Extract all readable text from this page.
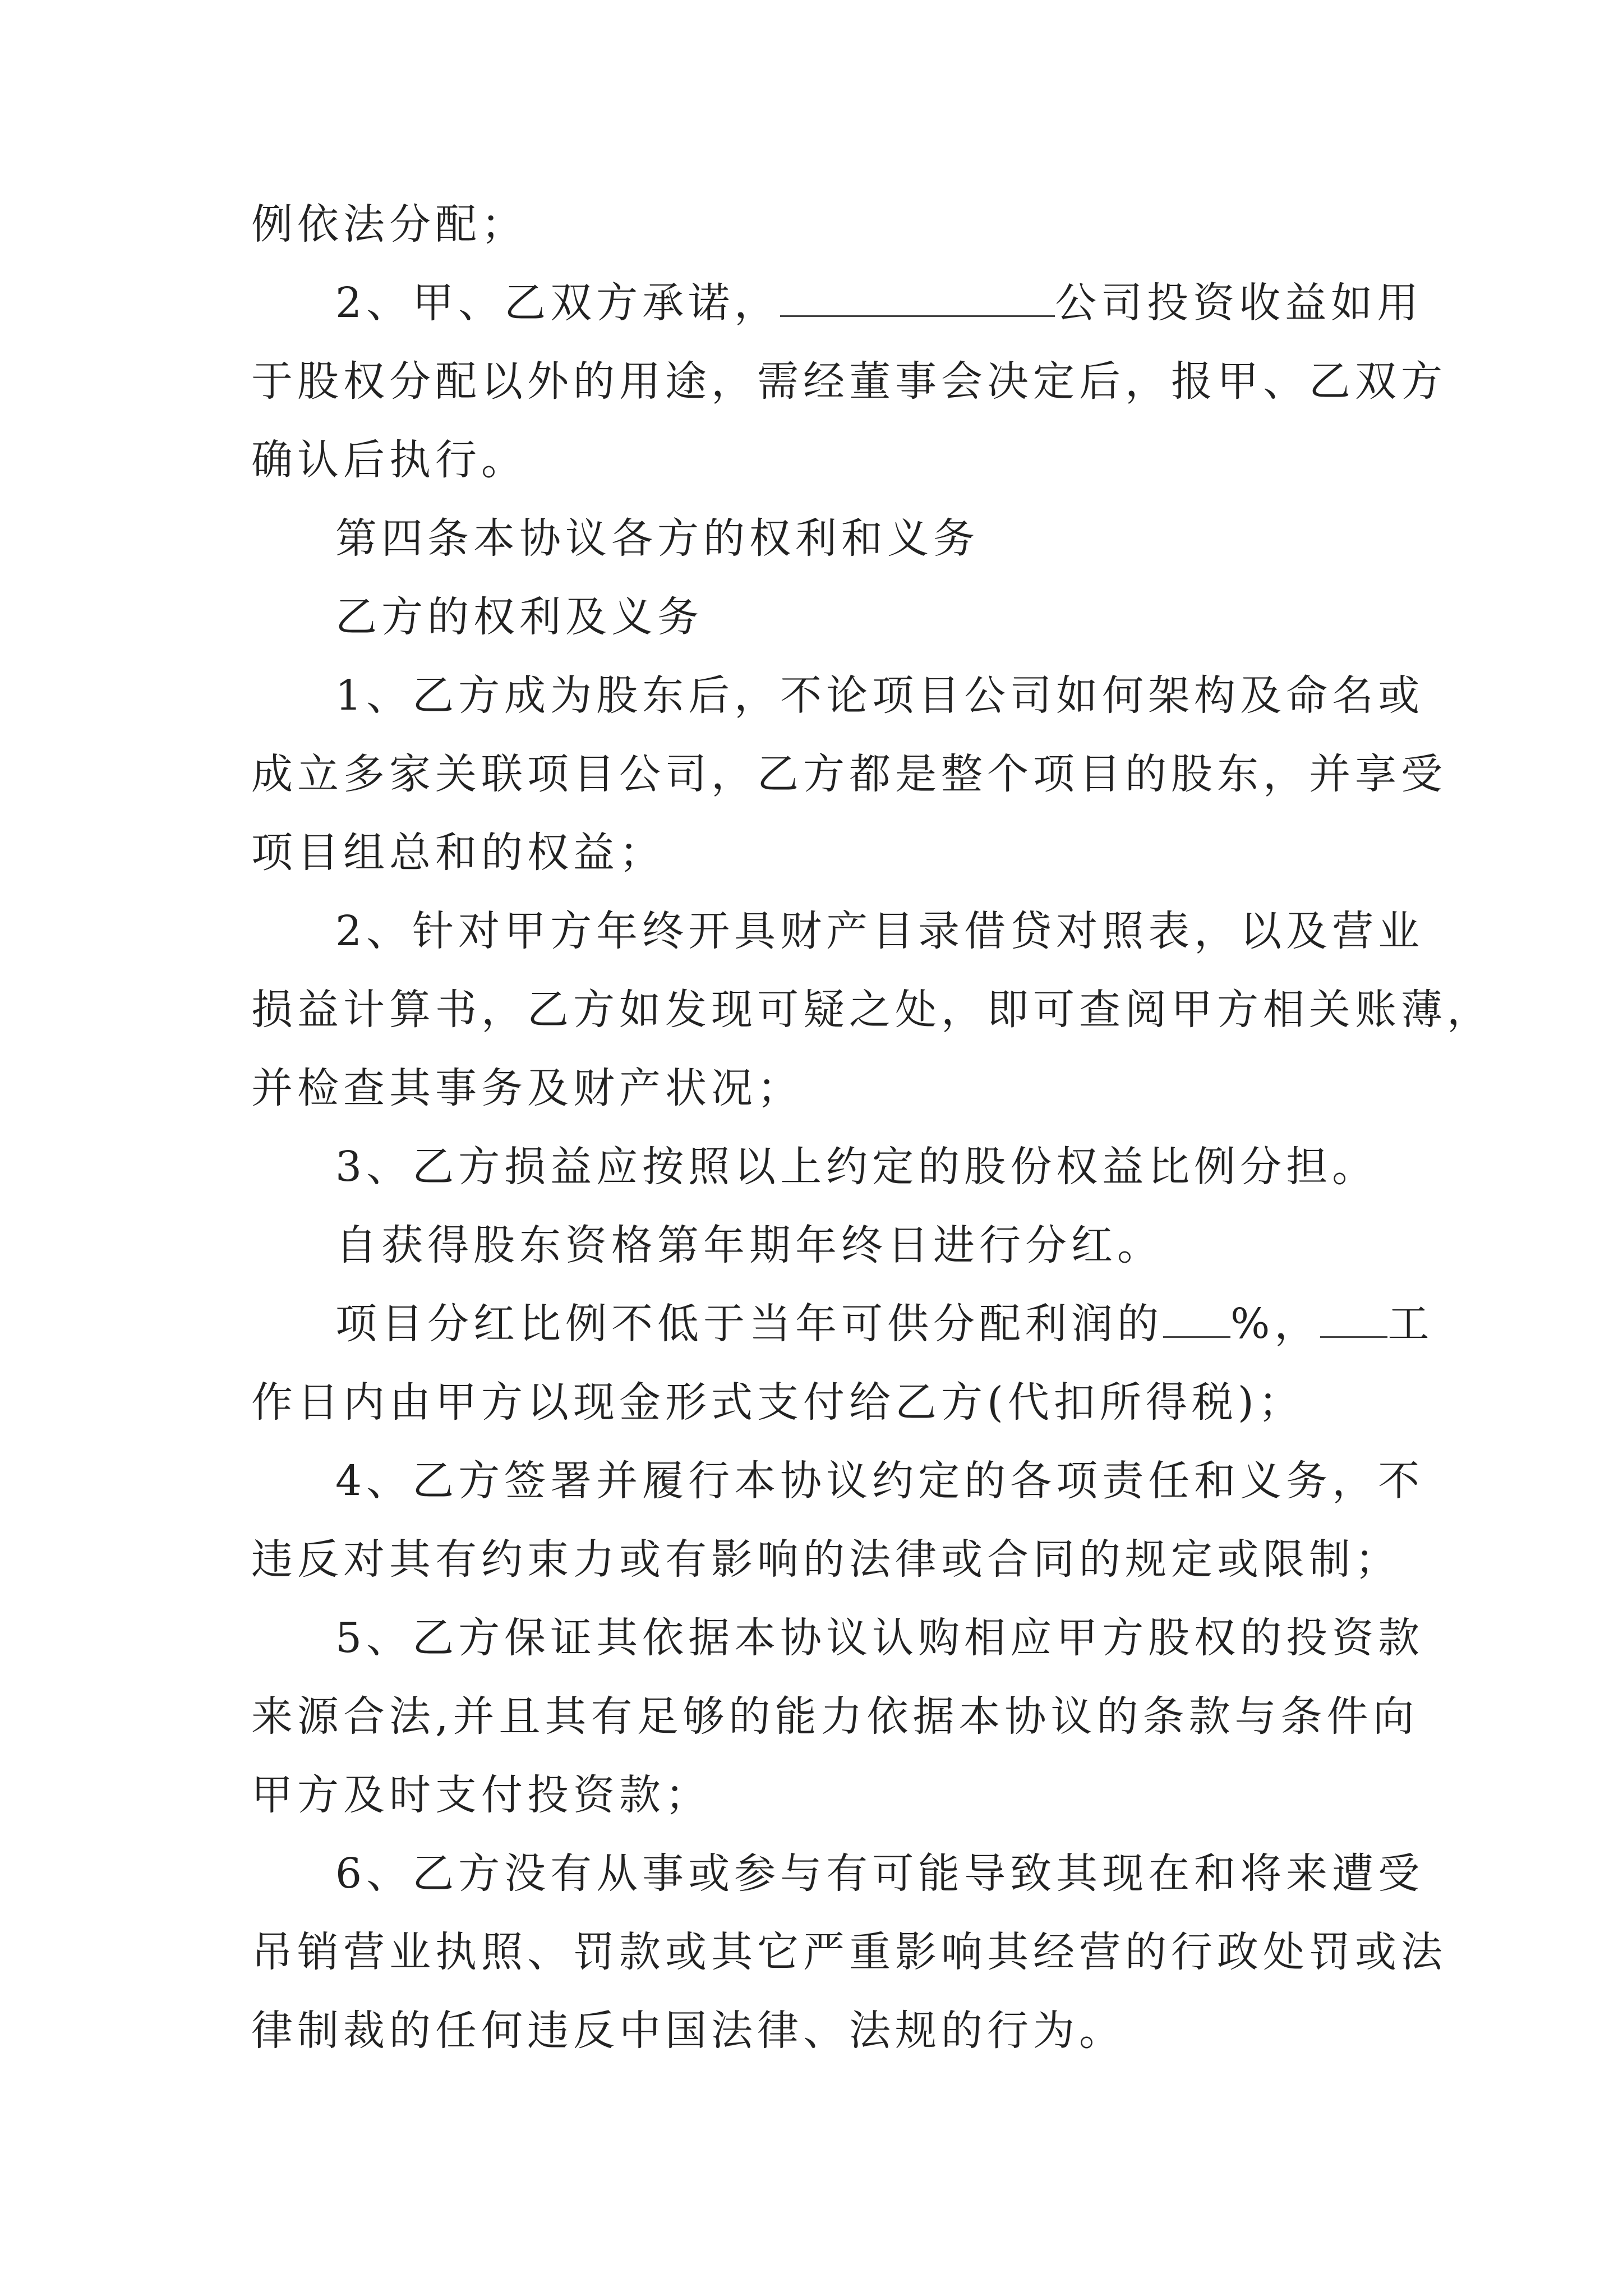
例依法分配；
2、甲、乙双方承诺，	公司投资收益如用
于股权分配以外的用途，需经董事会决定后，报甲、乙双方
确认后执行。
第四条本协议各方的权利和义务
乙方的权利及义务
1、乙方成为股东后，不论项目公司如何架构及命名或
成立多家关联项目公司，乙方都是整个项目的股东，并享受
项目组总和的权益；
2、针对甲方年终开具财产目录借贷对照表，以及营业
损益计算书，乙方如发现可疑之处，即可查阅甲方相关账薄，
并检查其事务及财产状况；
3、乙方损益应按照以上约定的股份权益比例分担。
自获得股东资格第年期年终日进行分红。
项目分红比例不低于当年可供分配利润的 %， 工
作日内由甲方以现金形式支付给乙方(代扣所得税)；
4、乙方签署并履行本协议约定的各项责任和义务，不
违反对其有约束力或有影响的法律或合同的规定或限制；
5、乙方保证其依据本协议认购相应甲方股权的投资款
来源合法,并且其有足够的能力依据本协议的条款与条件向
甲方及时支付投资款；
6、乙方没有从事或参与有可能导致其现在和将来遭受
吊销营业执照、罚款或其它严重影响其经营的行政处罚或法
律制裁的任何违反中国法律、法规的行为。
